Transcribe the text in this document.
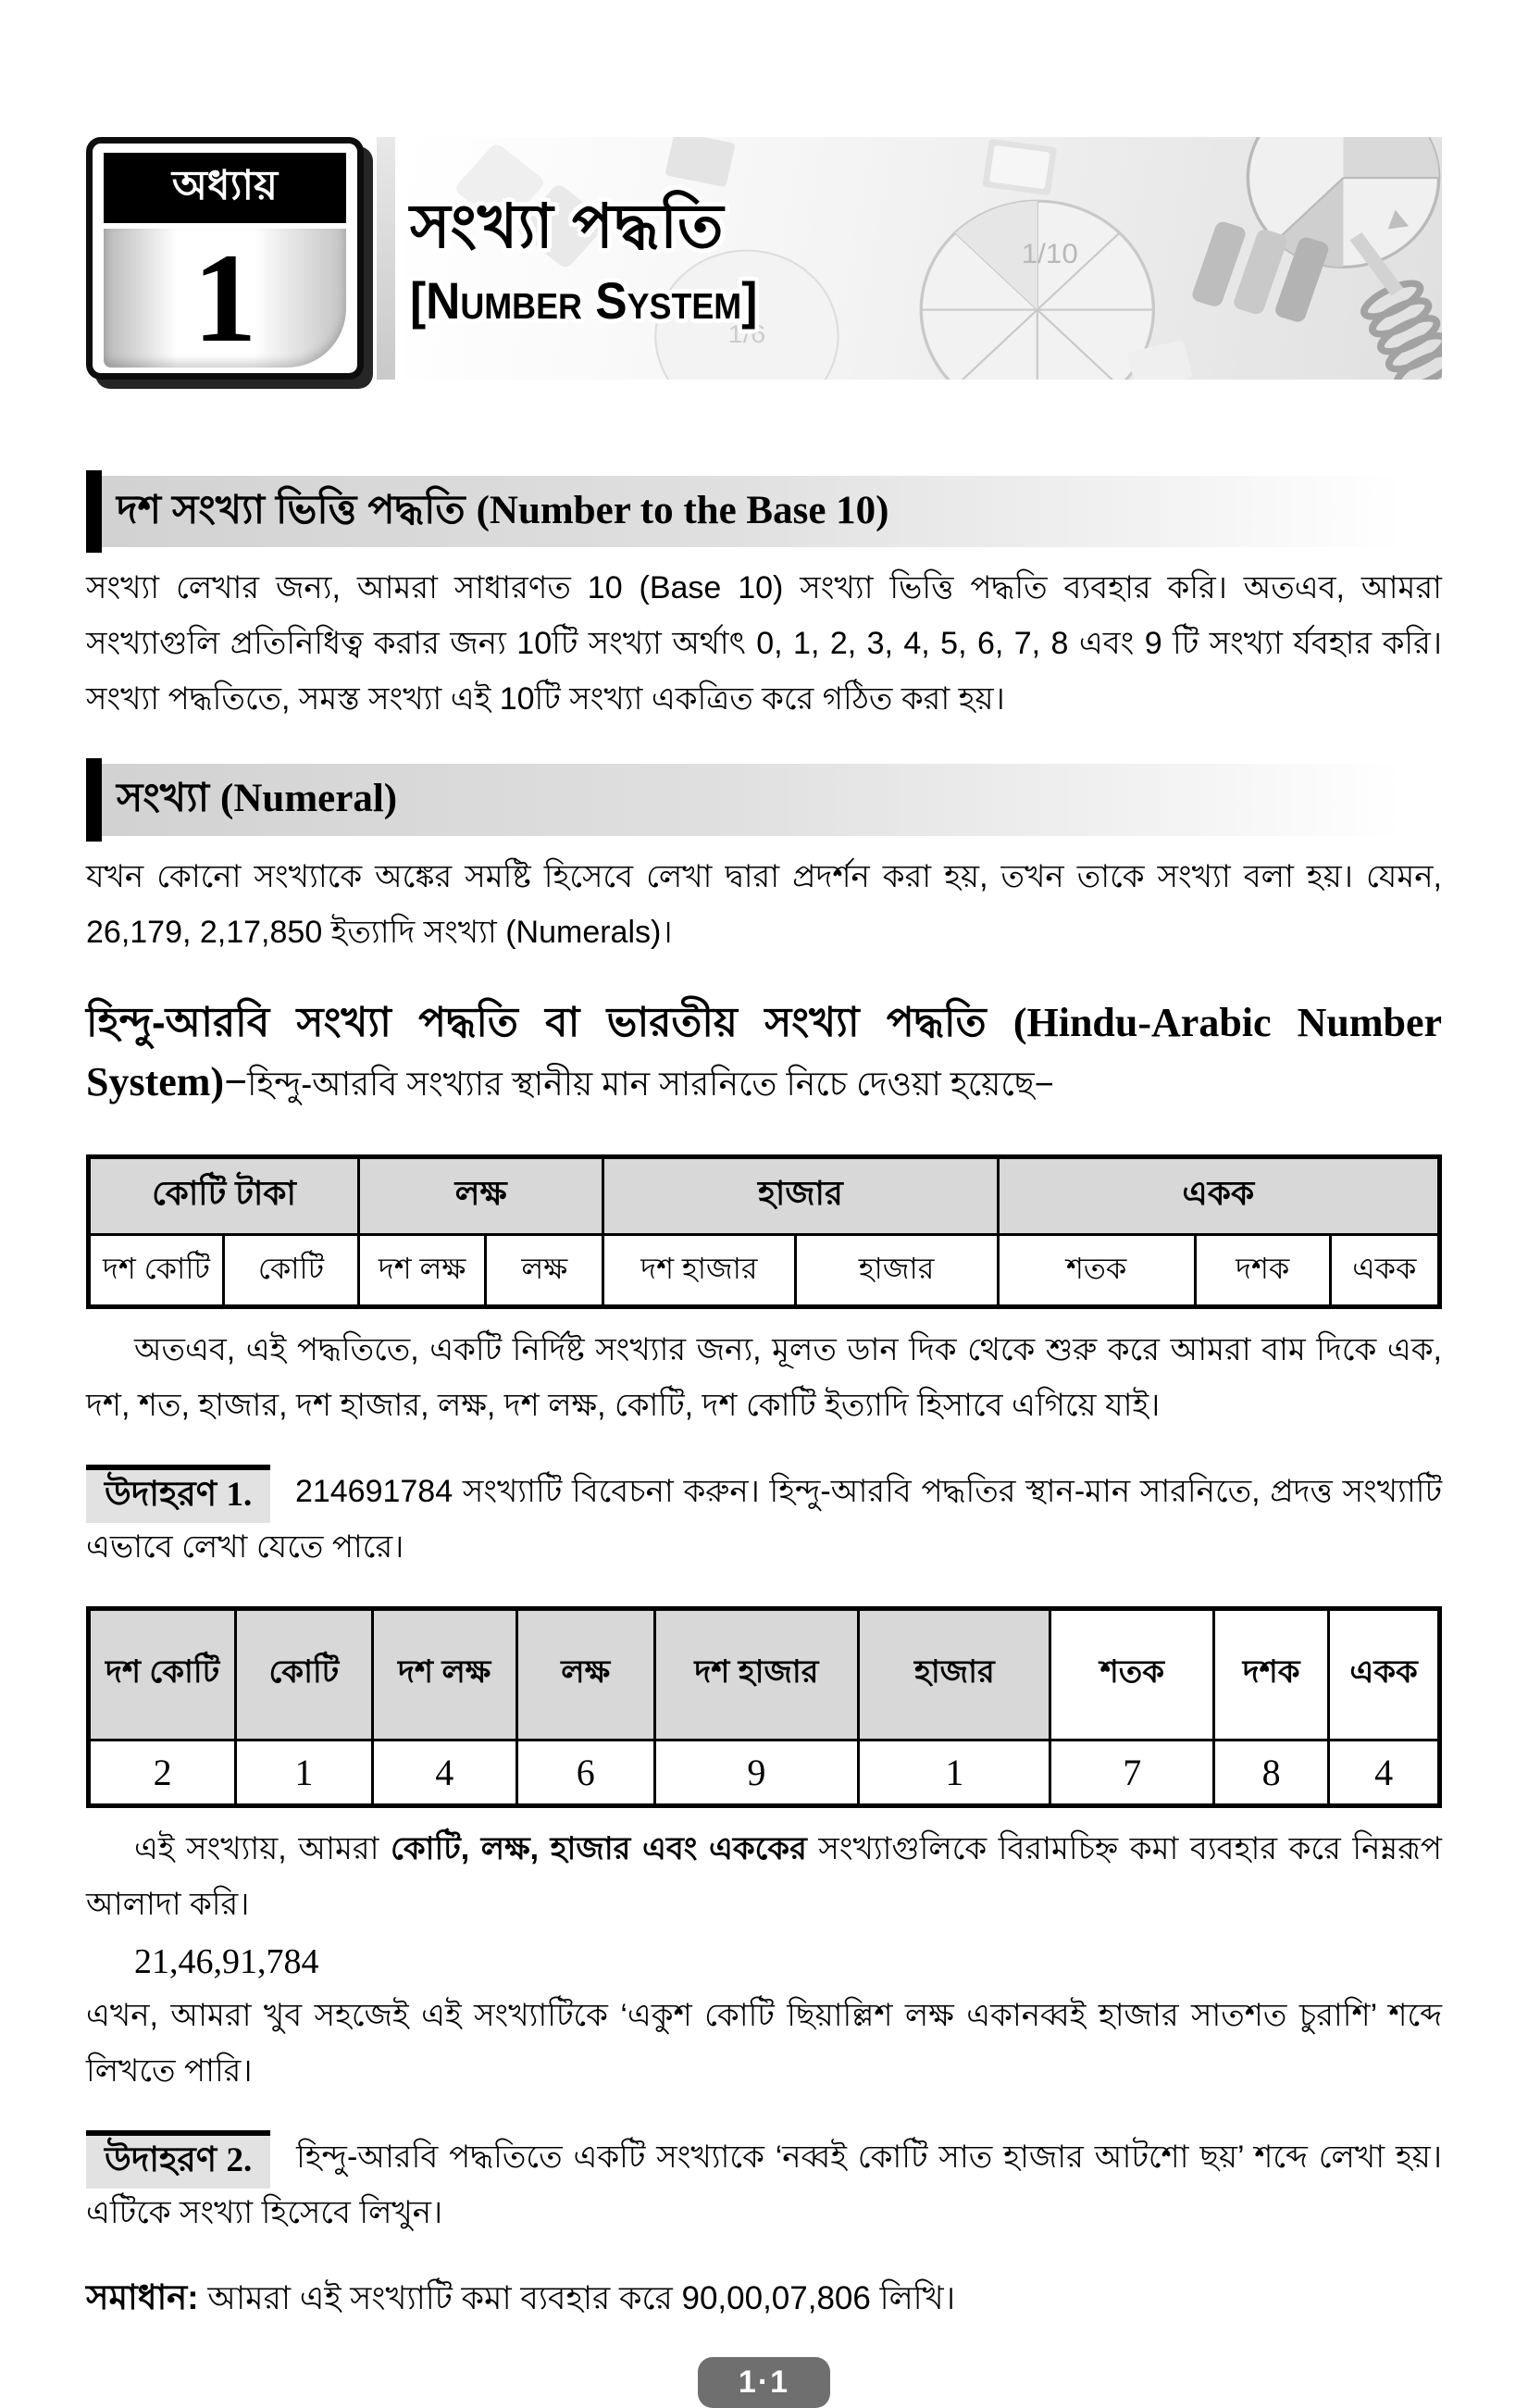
অধ্যায়
1	1/6
1/10
সংখ্যা পদ্ধতি
[Number System]
দশ সংখ্যা ভিত্তি পদ্ধতি (Number to the Base 10)

সংখ্যা লেখার জন্য, আমরা সাধারণত 10 (Base 10) সংখ্যা ভিত্তি পদ্ধতি ব্যবহার করি। অতএব, আমরা সংখ্যাগুলি প্রতিনিধিত্ব করার জন্য 10টি সংখ্যা অর্থাৎ 0, 1, 2, 3, 4, 5, 6, 7, 8 এবং 9 টি সংখ্যা র্যবহার করি। সংখ্যা পদ্ধতিতে, সমস্ত সংখ্যা এই 10টি সংখ্যা একত্রিত করে গঠিত করা হয়।

সংখ্যা (Numeral)

যখন কোনো সংখ্যাকে অঙ্কের সমষ্টি হিসেবে লেখা দ্বারা প্রদর্শন করা হয়, তখন তাকে সংখ্যা বলা হয়। যেমন, 26,179, 2,17,850 ইত্যাদি সংখ্যা (Numerals)।

হিন্দু-আরবি সংখ্যা পদ্ধতি বা ভারতীয় সংখ্যা পদ্ধতি (Hindu-Arabic Number System)−হিন্দু-আরবি সংখ্যার স্থানীয় মান সারনিতে নিচে দেওয়া হয়েছে−

কোটি টাকা		লক্ষ		হাজার		একক		
দশ কোটি	কোটি	দশ লক্ষ	লক্ষ	দশ হাজার	হাজার	শতক	দশক	একক

অতএব, এই পদ্ধতিতে, একটি নির্দিষ্ট সংখ্যার জন্য, মূলত ডান দিক থেকে শুরু করে আমরা বাম দিকে এক, দশ, শত, হাজার, দশ হাজার, লক্ষ, দশ লক্ষ, কোটি, দশ কোটি ইত্যাদি হিসাবে এগিয়ে যাই।

উদাহরণ 1. 214691784 সংখ্যাটি বিবেচনা করুন। হিন্দু-আরবি পদ্ধতির স্থান-মান সারনিতে, প্রদত্ত সংখ্যাটি এভাবে লেখা যেতে পারে।

দশ কোটি	কোটি	দশ লক্ষ	লক্ষ	দশ হাজার	হাজার	শতক	দশক	একক
2	1	4	6	9	1	7	8	4

এই সংখ্যায়, আমরা কোটি, লক্ষ, হাজার এবং এককের সংখ্যাগুলিকে বিরামচিহ্ন কমা ব্যবহার করে নিম্নরূপ আলাদা করি।

21,46,91,784

এখন, আমরা খুব সহজেই এই সংখ্যাটিকে ‘একুশ কোটি ছিয়াল্লিশ লক্ষ একানব্বই হাজার সাতশত চুরাশি’ শব্দে লিখতে পারি।

উদাহরণ 2. হিন্দু-আরবি পদ্ধতিতে একটি সংখ্যাকে ‘নব্বই কোটি সাত হাজার আটশো ছয়’ শব্দে লেখা হয়। এটিকে সংখ্যা হিসেবে লিখুন।

সমাধান: আমরা এই সংখ্যাটি কমা ব্যবহার করে 90,00,07,806 লিখি।

1·1
